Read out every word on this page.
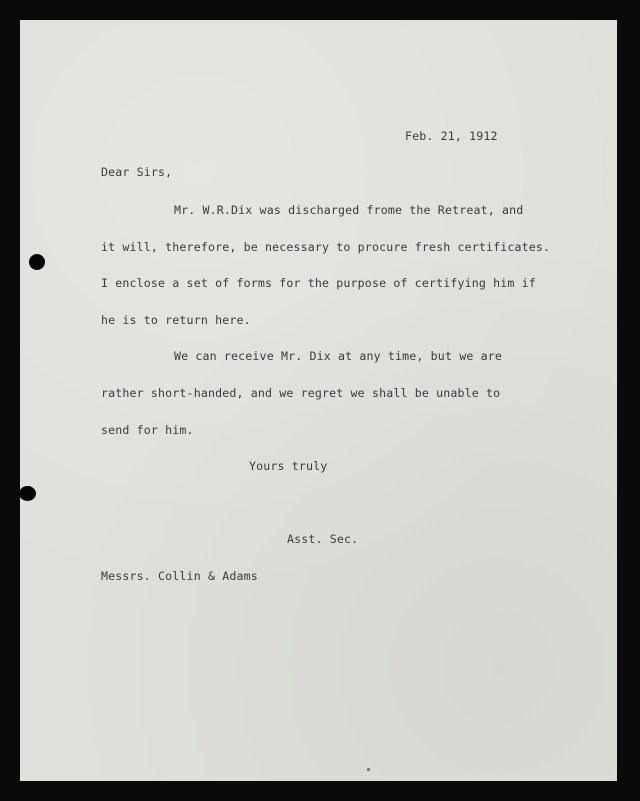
Feb. 21, 1912
Dear Sirs,
Mr. W.R.Dix was discharged frome the Retreat, and
it will, therefore, be necessary to procure fresh certificates.
I enclose a set of forms for the purpose of certifying him if
he is to return here.
We can receive Mr. Dix at any time, but we are
rather short-handed, and we regret we shall be unable to
send for him.
Yours truly
Asst. Sec.
Messrs. Collin & Adams
